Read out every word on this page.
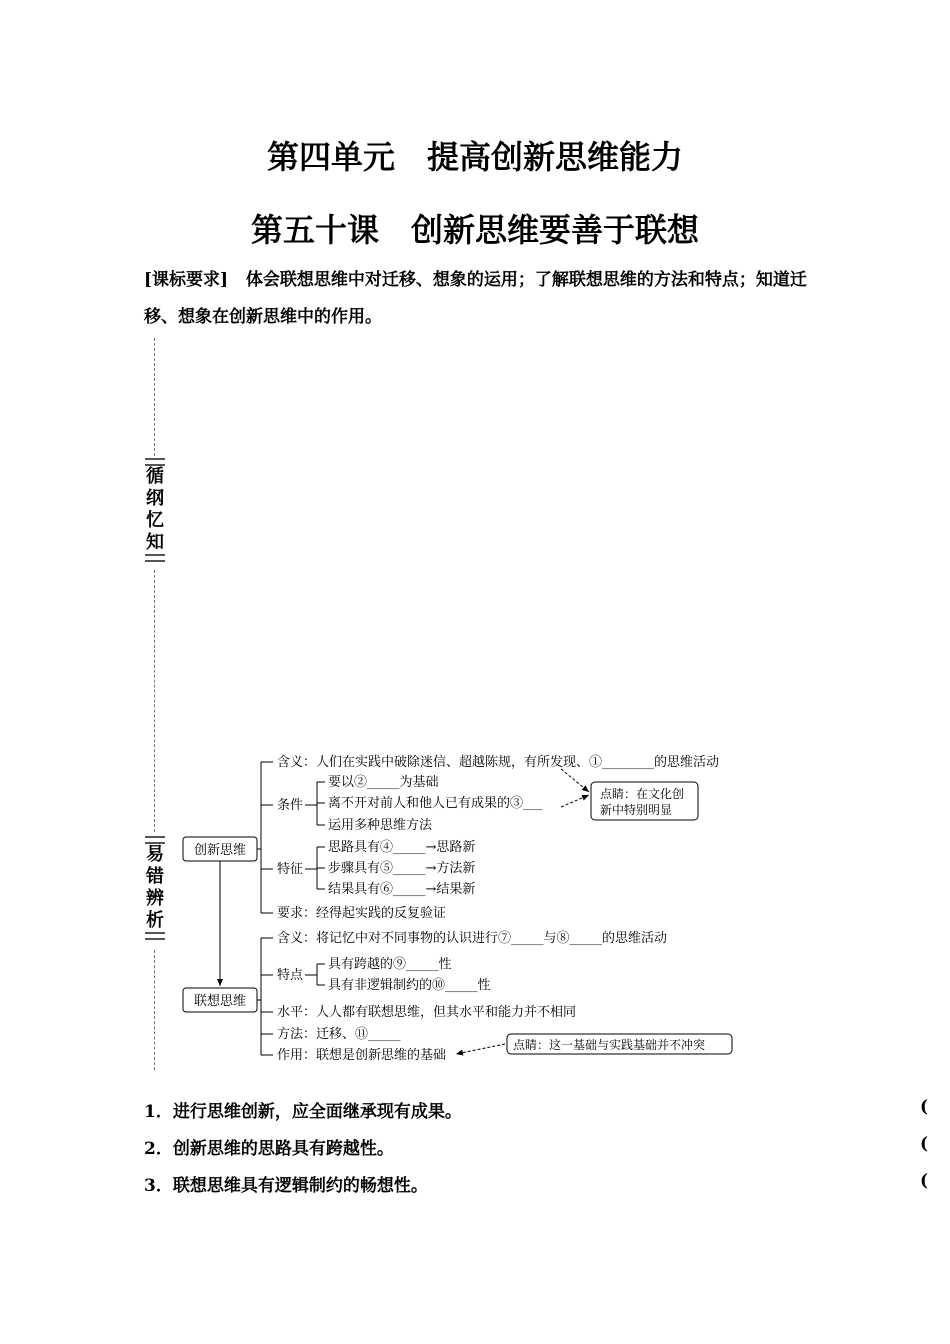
第四单元　提高创新思维能力
第五十课　创新思维要善于联想
[课标要求] 体会联想思维中对迁移、想象的运用；了解联想思维的方法和特点；知道迁移、想象在创新思维中的作用。
循
纲
忆
知
易
错
辨
析
创新思维
联想思维
含义：人们在实践中破除迷信、超越陈规，有所发现、①________的思维活动
条件
要以②_____为基础
离不开对前人和他人已有成果的③___
运用多种思维方法
点睛：在文化创
新中特别明显
特征
思路具有④_____→思路新
步骤具有⑤_____→方法新
结果具有⑥_____→结果新
要求：经得起实践的反复验证
含义：将记忆中对不同事物的认识进行⑦_____与⑧_____的思维活动
特点
具有跨越的⑨_____性
具有非逻辑制约的⑩_____性
水平：人人都有联想思维，但其水平和能力并不相同
方法：迁移、⑪_____
作用：联想是创新思维的基础
点睛：这一基础与实践基础并不冲突
1．进行思维创新，应全面继承现有成果。	(
2．创新思维的思路具有跨越性。	(
3．联想思维具有逻辑制约的畅想性。	(
